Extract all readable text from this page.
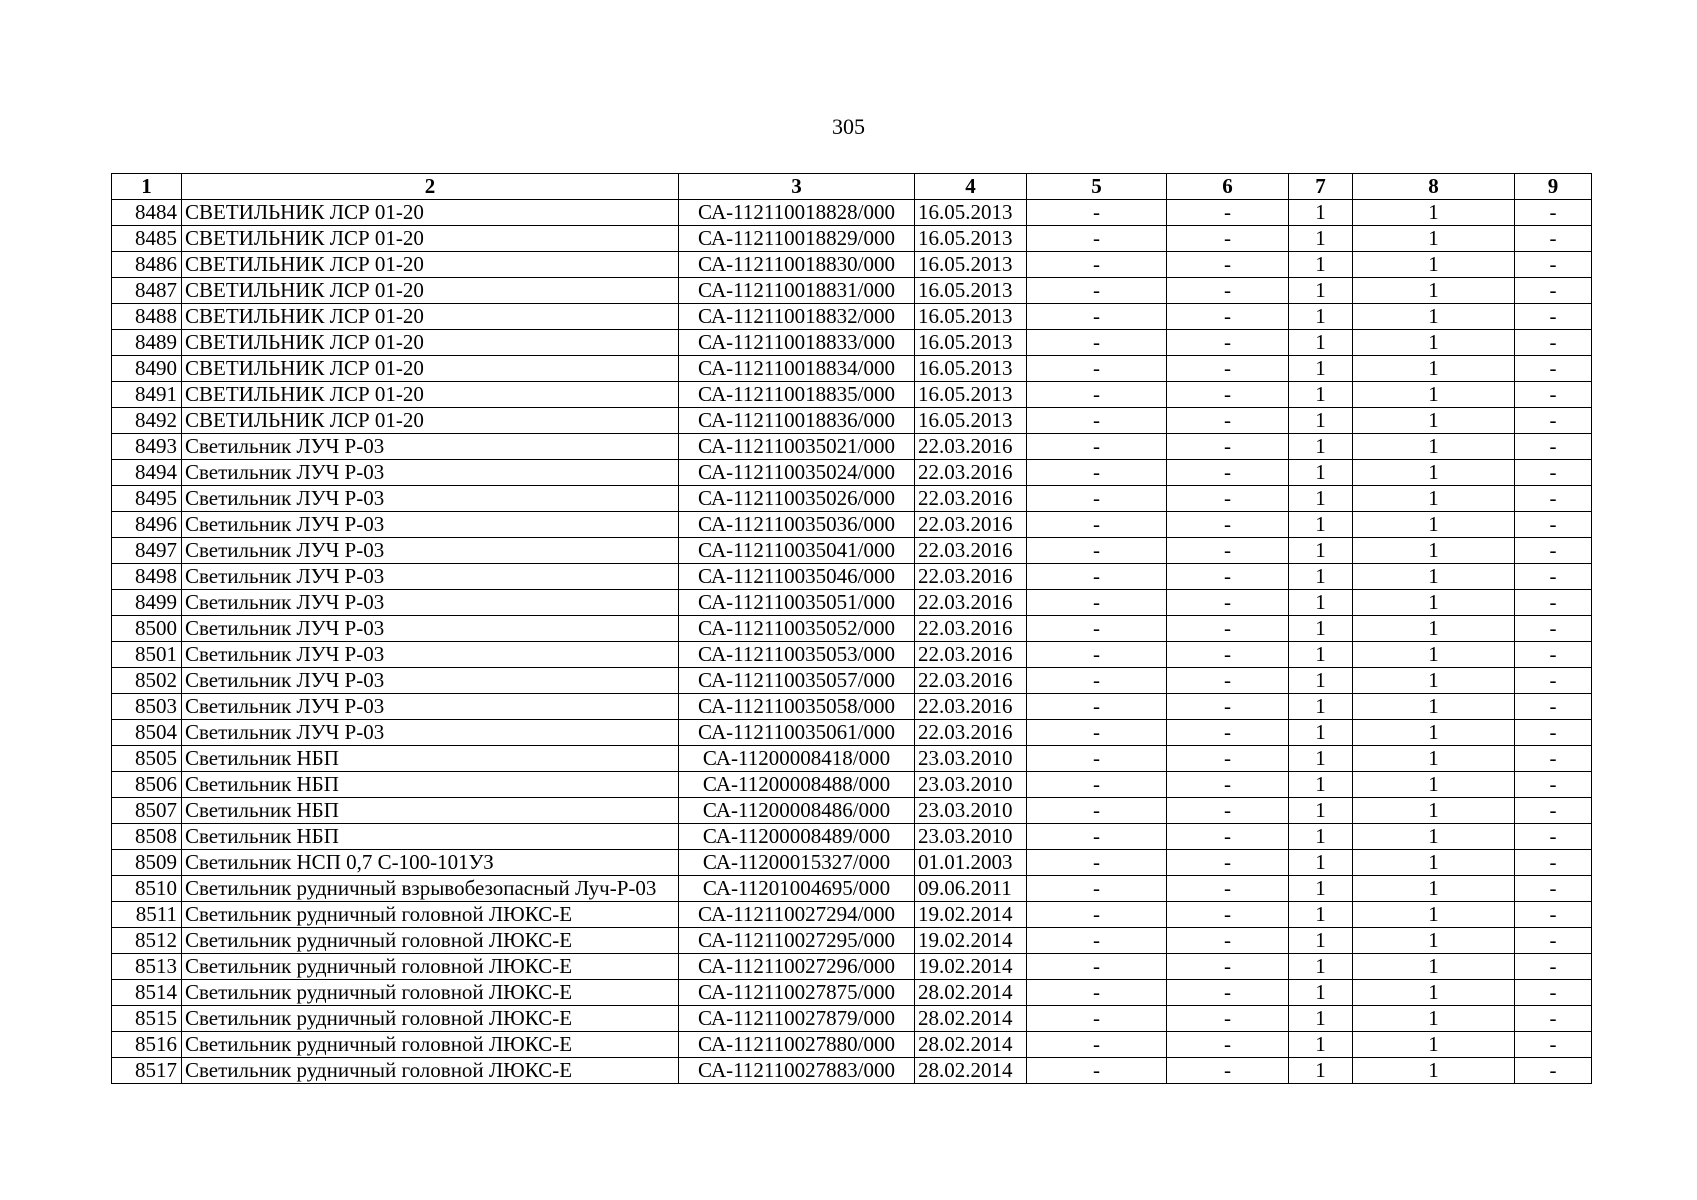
305
1	2	3	4	5	6	7	8	9
8484	СВЕТИЛЬНИК ЛСР 01-20	СА-112110018828/000	16.05.2013	-	-	1	1	-
8485	СВЕТИЛЬНИК ЛСР 01-20	СА-112110018829/000	16.05.2013	-	-	1	1	-
8486	СВЕТИЛЬНИК ЛСР 01-20	СА-112110018830/000	16.05.2013	-	-	1	1	-
8487	СВЕТИЛЬНИК ЛСР 01-20	СА-112110018831/000	16.05.2013	-	-	1	1	-
8488	СВЕТИЛЬНИК ЛСР 01-20	СА-112110018832/000	16.05.2013	-	-	1	1	-
8489	СВЕТИЛЬНИК ЛСР 01-20	СА-112110018833/000	16.05.2013	-	-	1	1	-
8490	СВЕТИЛЬНИК ЛСР 01-20	СА-112110018834/000	16.05.2013	-	-	1	1	-
8491	СВЕТИЛЬНИК ЛСР 01-20	СА-112110018835/000	16.05.2013	-	-	1	1	-
8492	СВЕТИЛЬНИК ЛСР 01-20	СА-112110018836/000	16.05.2013	-	-	1	1	-
8493	Светильник ЛУЧ Р-03	СА-112110035021/000	22.03.2016	-	-	1	1	-
8494	Светильник ЛУЧ Р-03	СА-112110035024/000	22.03.2016	-	-	1	1	-
8495	Светильник ЛУЧ Р-03	СА-112110035026/000	22.03.2016	-	-	1	1	-
8496	Светильник ЛУЧ Р-03	СА-112110035036/000	22.03.2016	-	-	1	1	-
8497	Светильник ЛУЧ Р-03	СА-112110035041/000	22.03.2016	-	-	1	1	-
8498	Светильник ЛУЧ Р-03	СА-112110035046/000	22.03.2016	-	-	1	1	-
8499	Светильник ЛУЧ Р-03	СА-112110035051/000	22.03.2016	-	-	1	1	-
8500	Светильник ЛУЧ Р-03	СА-112110035052/000	22.03.2016	-	-	1	1	-
8501	Светильник ЛУЧ Р-03	СА-112110035053/000	22.03.2016	-	-	1	1	-
8502	Светильник ЛУЧ Р-03	СА-112110035057/000	22.03.2016	-	-	1	1	-
8503	Светильник ЛУЧ Р-03	СА-112110035058/000	22.03.2016	-	-	1	1	-
8504	Светильник ЛУЧ Р-03	СА-112110035061/000	22.03.2016	-	-	1	1	-
8505	Светильник НБП	СА-11200008418/000	23.03.2010	-	-	1	1	-
8506	Светильник НБП	СА-11200008488/000	23.03.2010	-	-	1	1	-
8507	Светильник НБП	СА-11200008486/000	23.03.2010	-	-	1	1	-
8508	Светильник НБП	СА-11200008489/000	23.03.2010	-	-	1	1	-
8509	Светильник НСП 0,7 С-100-101УЗ	СА-11200015327/000	01.01.2003	-	-	1	1	-
8510	Светильник рудничный взрывобезопасный Луч-Р-03	СА-11201004695/000	09.06.2011	-	-	1	1	-
8511	Светильник рудничный головной ЛЮКС-Е	СА-112110027294/000	19.02.2014	-	-	1	1	-
8512	Светильник рудничный головной ЛЮКС-Е	СА-112110027295/000	19.02.2014	-	-	1	1	-
8513	Светильник рудничный головной ЛЮКС-Е	СА-112110027296/000	19.02.2014	-	-	1	1	-
8514	Светильник рудничный головной ЛЮКС-Е	СА-112110027875/000	28.02.2014	-	-	1	1	-
8515	Светильник рудничный головной ЛЮКС-Е	СА-112110027879/000	28.02.2014	-	-	1	1	-
8516	Светильник рудничный головной ЛЮКС-Е	СА-112110027880/000	28.02.2014	-	-	1	1	-
8517	Светильник рудничный головной ЛЮКС-Е	СА-112110027883/000	28.02.2014	-	-	1	1	-
